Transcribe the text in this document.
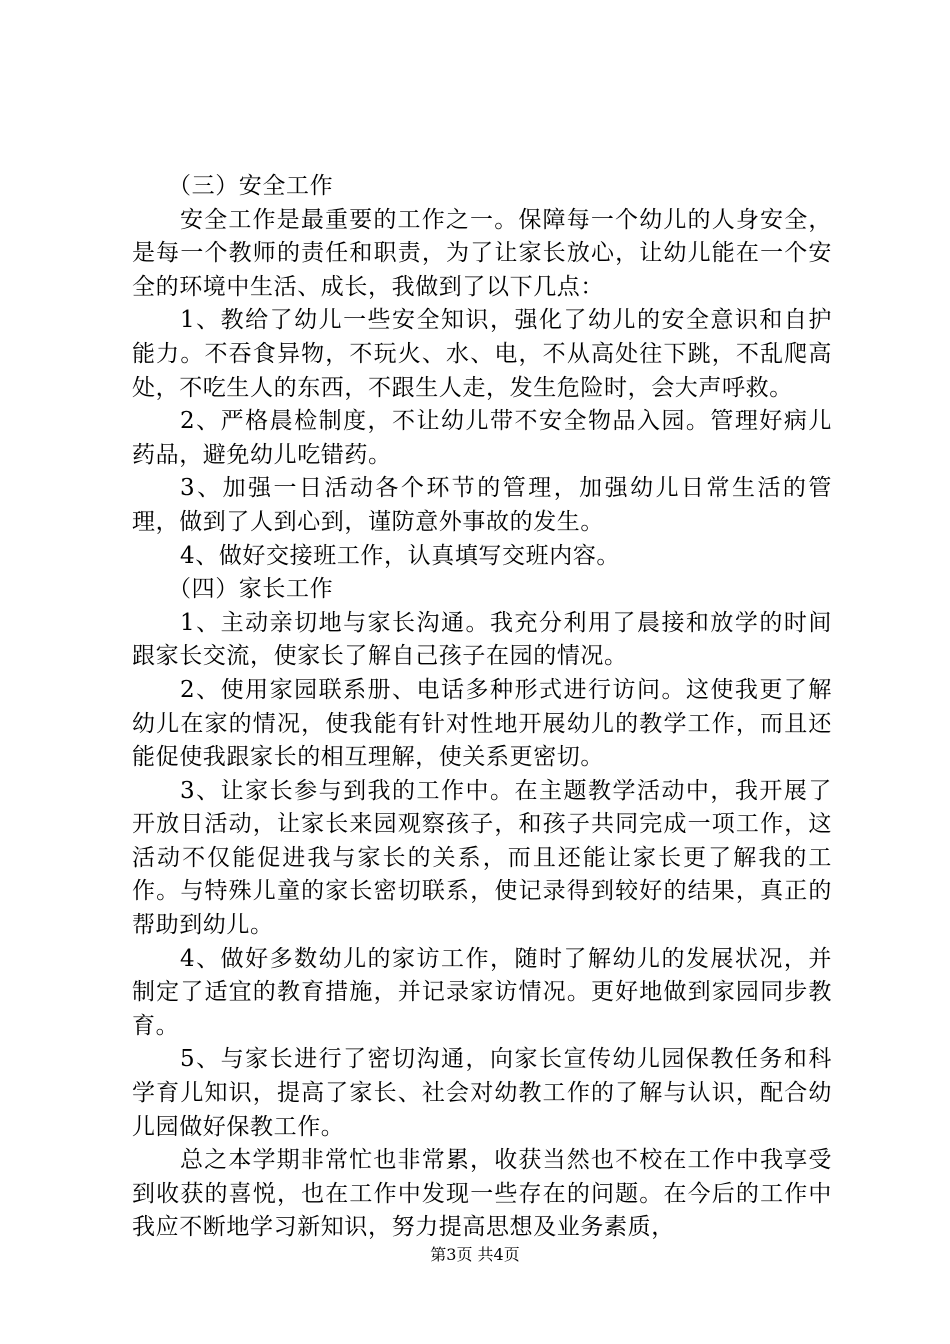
（三）安全工作

安全工作是最重要的工作之一。保障每一个幼儿的人身安全，是每一个教师的责任和职责，为了让家长放心，让幼儿能在一个安全的环境中生活、成长，我做到了以下几点：

1、教给了幼儿一些安全知识，强化了幼儿的安全意识和自护能力。不吞食异物，不玩火、水、电，不从高处往下跳，不乱爬高处，不吃生人的东西，不跟生人走，发生危险时，会大声呼救。

2、严格晨检制度，不让幼儿带不安全物品入园。管理好病儿药品，避免幼儿吃错药。

3、加强一日活动各个环节的管理，加强幼儿日常生活的管理，做到了人到心到，谨防意外事故的发生。

4、做好交接班工作，认真填写交班内容。

（四）家长工作

1、主动亲切地与家长沟通。我充分利用了晨接和放学的时间跟家长交流，使家长了解自己孩子在园的情况。

2、使用家园联系册、电话多种形式进行访问。这使我更了解幼儿在家的情况，使我能有针对性地开展幼儿的教学工作，而且还能促使我跟家长的相互理解，使关系更密切。

3、让家长参与到我的工作中。在主题教学活动中，我开展了开放日活动，让家长来园观察孩子，和孩子共同完成一项工作，这活动不仅能促进我与家长的关系，而且还能让家长更了解我的工作。与特殊儿童的家长密切联系，使记录得到较好的结果，真正的帮助到幼儿。

4、做好多数幼儿的家访工作，随时了解幼儿的发展状况，并制定了适宜的教育措施，并记录家访情况。更好地做到家园同步教育。

5、与家长进行了密切沟通，向家长宣传幼儿园保教任务和科学育儿知识，提高了家长、社会对幼教工作的了解与认识，配合幼儿园做好保教工作。

总之本学期非常忙也非常累，收获当然也不校在工作中我享受到收获的喜悦，也在工作中发现一些存在的问题。在今后的工作中我应不断地学习新知识，努力提高思想及业务素质，

第3页 共4页
